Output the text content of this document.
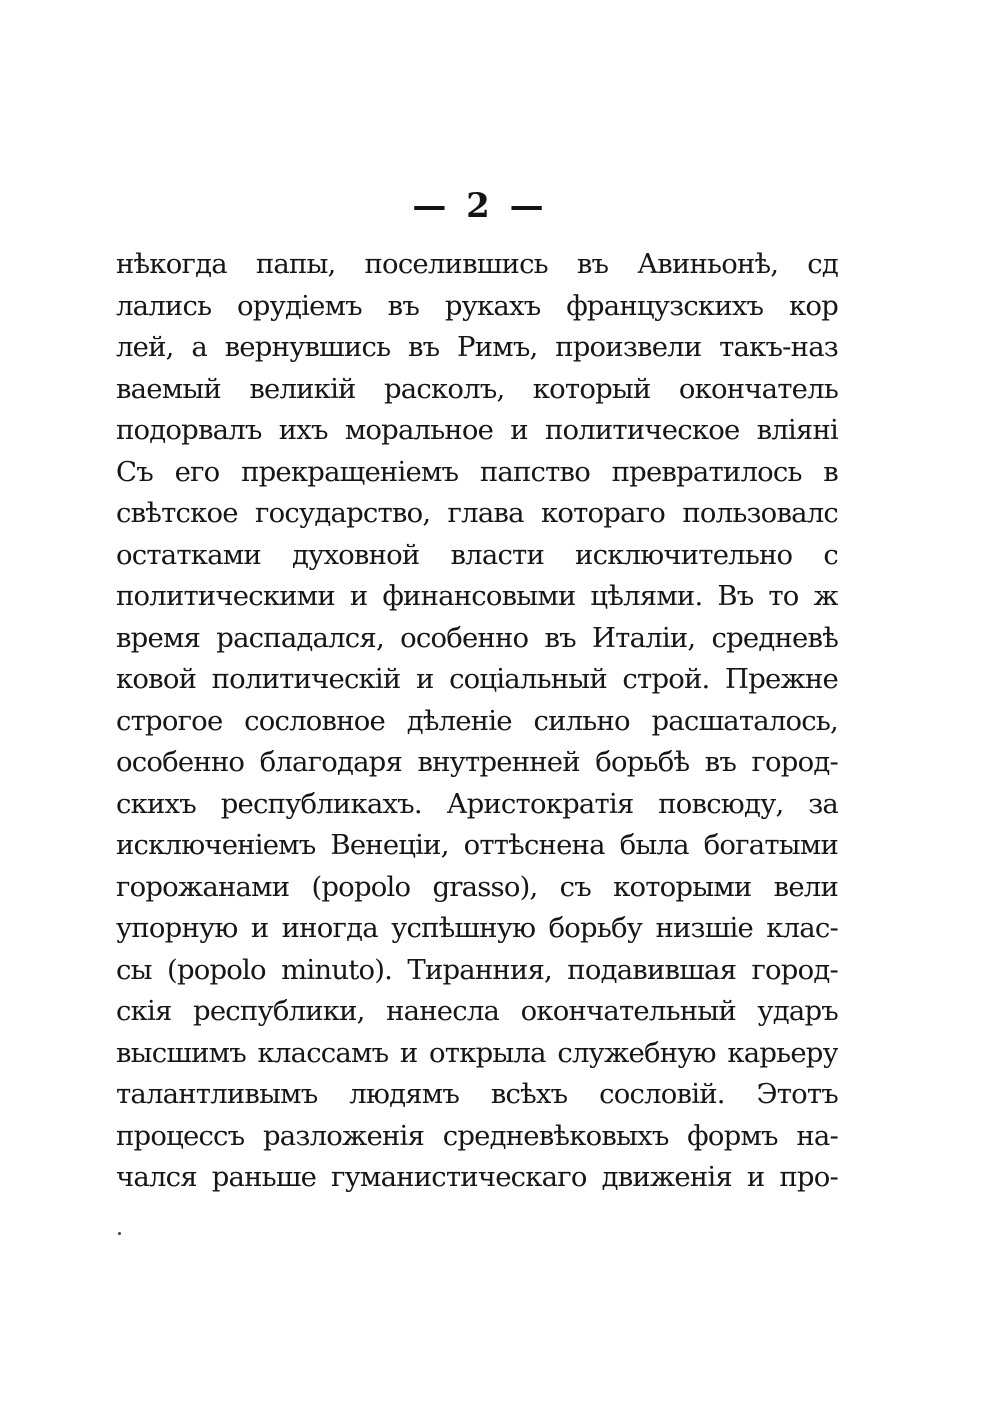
— 2 —
нѣкогда папы, поселившись въ Авиньонѣ, сд
лались орудіемъ въ рукахъ французскихъ кор
лей, а вернувшись въ Римъ, произвели такъ-наз
ваемый великій расколъ, который окончатель
подорвалъ ихъ моральное и политическое вліяні
Съ его прекращеніемъ папство превратилось в
свѣтское государство, глава котораго пользовалс
остатками духовной власти исключительно с
политическими и финансовыми цѣлями. Въ то ж
время распадался, особенно въ Италіи, средневѣ
ковой политическій и соціальный строй. Прежне
строгое сословное дѣленіе сильно расшаталось,
особенно благодаря внутренней борьбѣ въ город-
скихъ республикахъ. Аристократія повсюду, за
исключеніемъ Венеціи, оттѣснена была богатыми
горожанами (popolo grasso), съ которыми вели
упорную и иногда успѣшную борьбу низшіе клас-
сы (popolo minuto). Тиранния, подавившая город-
скія республики, нанесла окончательный ударъ
высшимъ классамъ и открыла служебную карьеру
талантливымъ людямъ всѣхъ сословій. Этотъ
процессъ разложенія средневѣковыхъ формъ на-
чался раньше гуманистическаго движенія и про-
